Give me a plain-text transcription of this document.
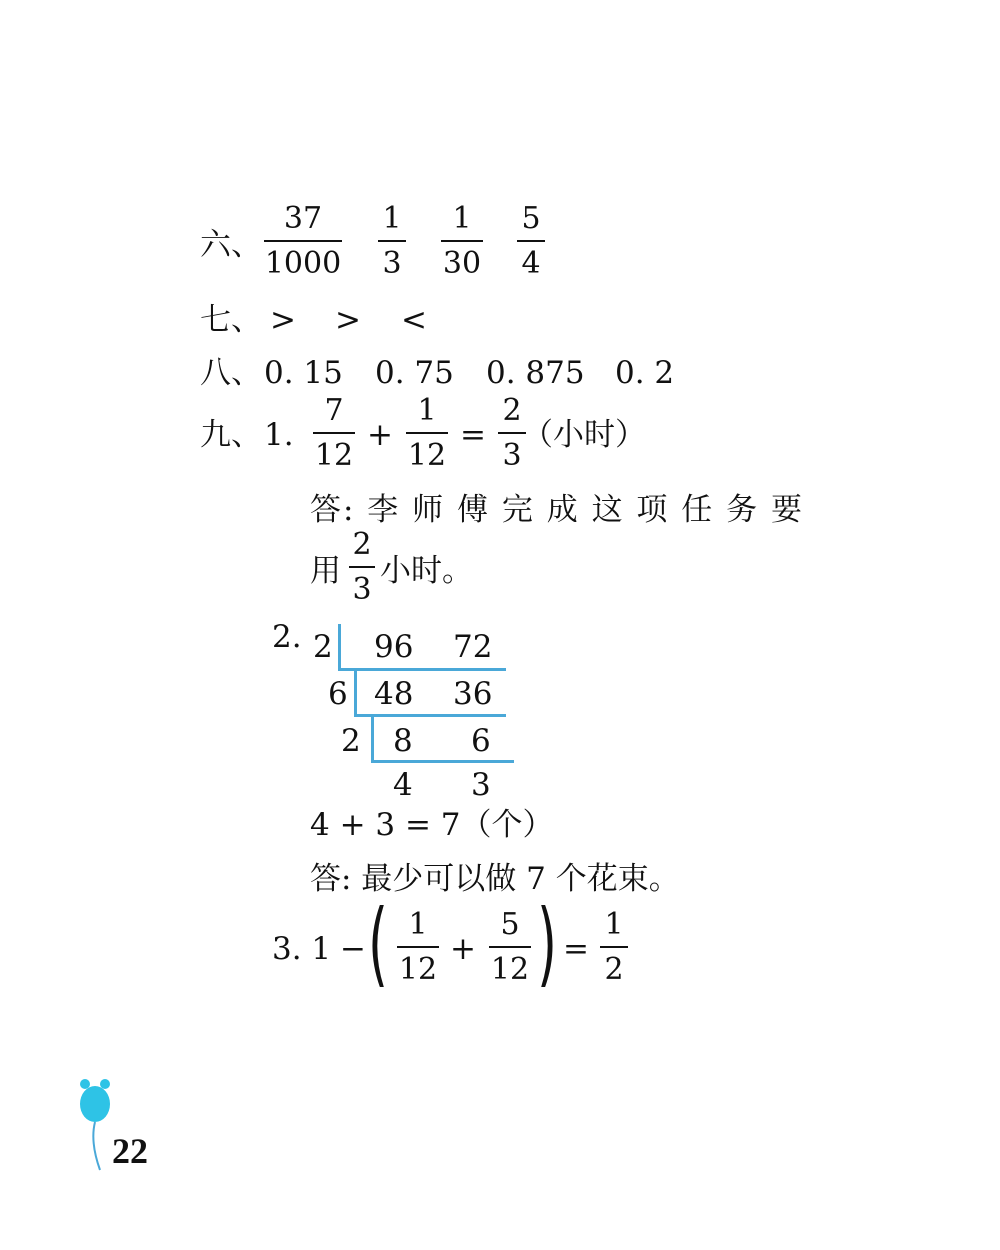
六、
37
1000
1
3
1
30
5
4
七、 > > <
八、 0. 15 0. 75 0. 875 0. 2
九、 1.
7
12
+
1
12
=
2
3
（小时）
答: 李 师 傅 完 成 这 项 任 务 要
用
2
3
小时。
2. 2 96 72
6 48 36
2 8 6
4 3
4 + 3 = 7（个）
答: 最少可以做 7 个花束。
3. 1 − ( 1
12
+
5
12 ) =
1
2
22
